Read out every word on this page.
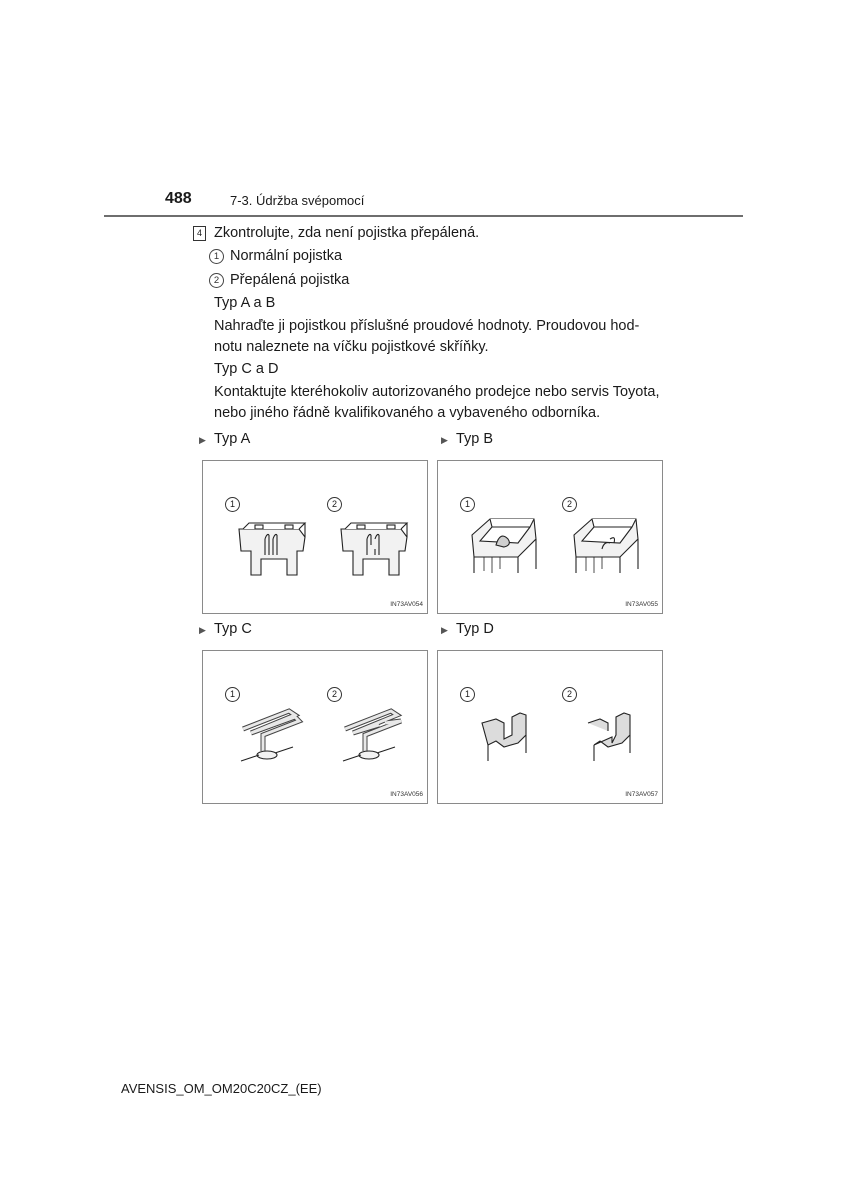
488	7-3. Údržba svépomocí
4 Zkontrolujte, zda není pojistka přepálená.
1 Normální pojistka
2 Přepálená pojistka
Typ A a B
Nahraďte ji pojistkou příslušné proudové hodnoty. Proudovou hod-
notu naleznete na víčku pojistkové skříňky.
Typ C a D
Kontaktujte kteréhokoliv autorizovaného prodejce nebo servis Toyota,
nebo jiného řádně kvalifikovaného a vybaveného odborníka.
▶ Typ A	▶ Typ B
1	2
IN73AV054
1	2
IN73AV055
▶ Typ C	▶ Typ D
1	2
IN73AV056
1	2
IN73AV057
AVENSIS_OM_OM20C20CZ_(EE)
